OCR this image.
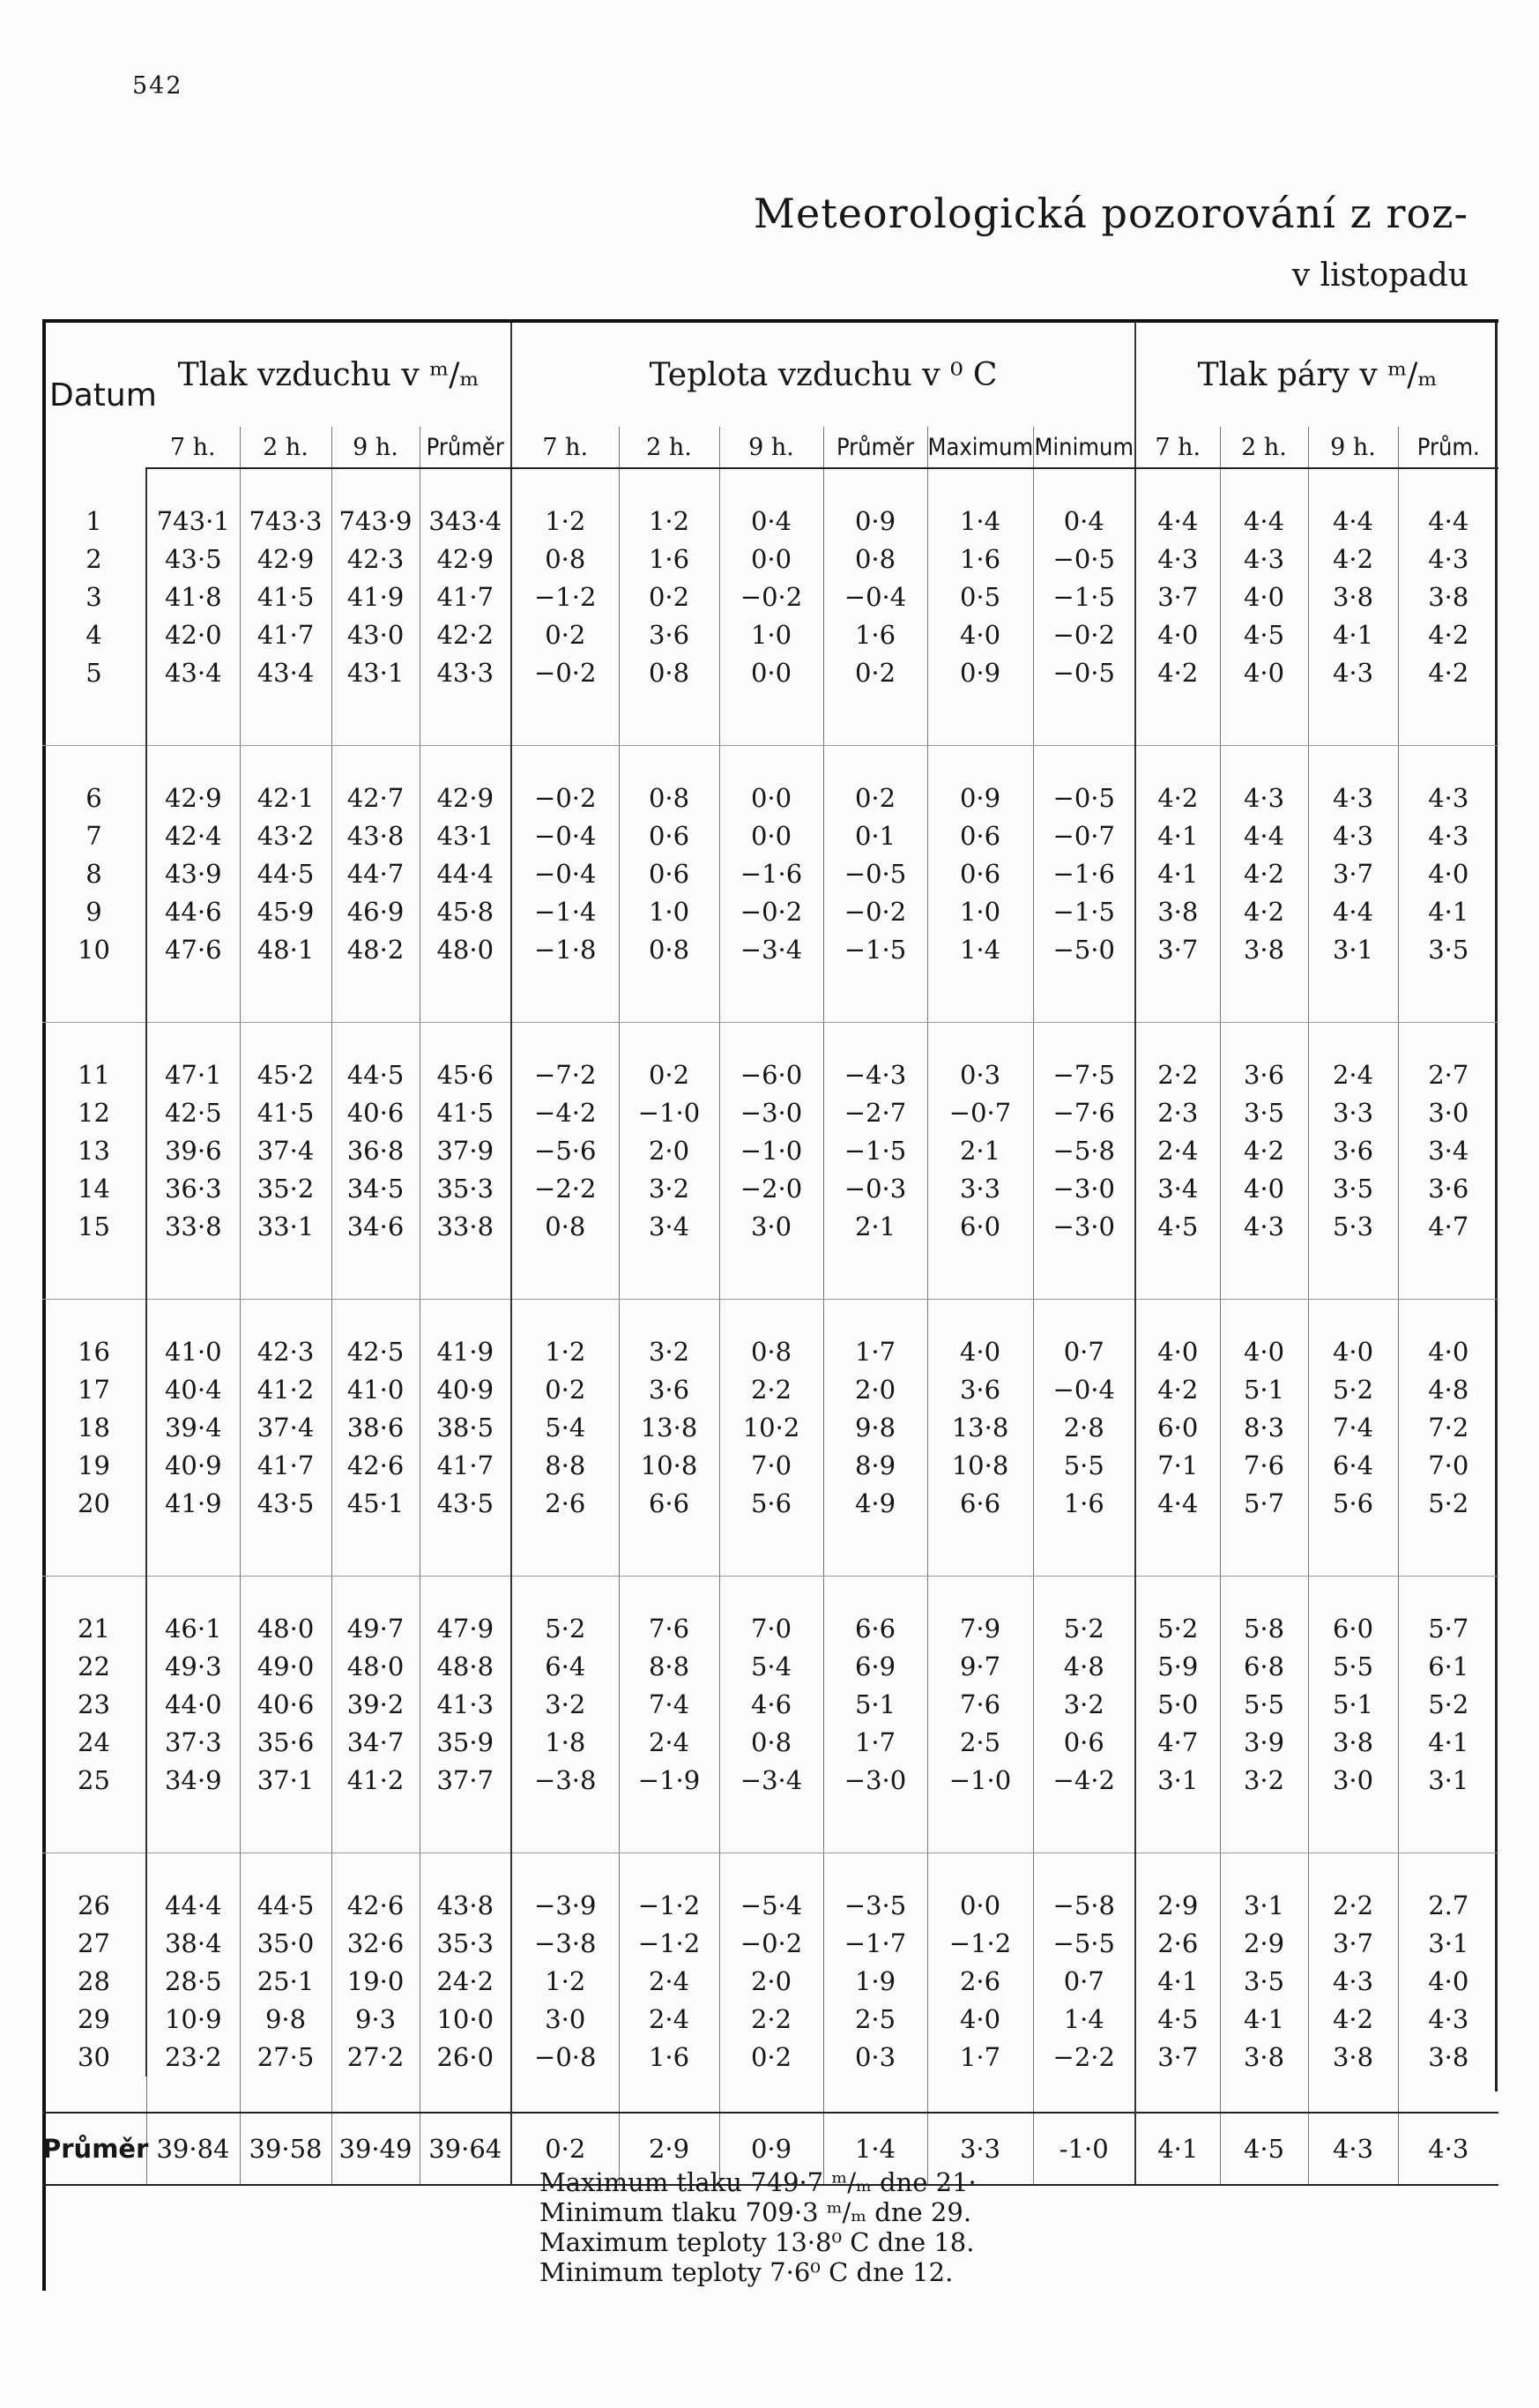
542
Meteorologická pozorování z roz-
v listopadu
Datum	Tlak vzduchu v ᵐ/ₘ				Teplota vzduchu v ⁰ C						Tlak páry v ᵐ/ₘ			
	7 h.	2 h.	9 h.	Průměr	7 h.	2 h.	9 h.	Průměr	Maximum	Minimum	7 h.	2 h.	9 h.	Prům.

1	743·1	743·3	743·9	343·4	1·2	1·2	0·4	0·9	1·4	0·4	4·4	4·4	4·4	4·4
2	43·5	42·9	42·3	42·9	0·8	1·6	0·0	0·8	1·6	−0·5	4·3	4·3	4·2	4·3
3	41·8	41·5	41·9	41·7	−1·2	0·2	−0·2	−0·4	0·5	−1·5	3·7	4·0	3·8	3·8
4	42·0	41·7	43·0	42·2	0·2	3·6	1·0	1·6	4·0	−0·2	4·0	4·5	4·1	4·2
5	43·4	43·4	43·1	43·3	−0·2	0·8	0·0	0·2	0·9	−0·5	4·2	4·0	4·3	4·2

6	42·9	42·1	42·7	42·9	−0·2	0·8	0·0	0·2	0·9	−0·5	4·2	4·3	4·3	4·3
7	42·4	43·2	43·8	43·1	−0·4	0·6	0·0	0·1	0·6	−0·7	4·1	4·4	4·3	4·3
8	43·9	44·5	44·7	44·4	−0·4	0·6	−1·6	−0·5	0·6	−1·6	4·1	4·2	3·7	4·0
9	44·6	45·9	46·9	45·8	−1·4	1·0	−0·2	−0·2	1·0	−1·5	3·8	4·2	4·4	4·1
10	47·6	48·1	48·2	48·0	−1·8	0·8	−3·4	−1·5	1·4	−5·0	3·7	3·8	3·1	3·5

11	47·1	45·2	44·5	45·6	−7·2	0·2	−6·0	−4·3	0·3	−7·5	2·2	3·6	2·4	2·7
12	42·5	41·5	40·6	41·5	−4·2	−1·0	−3·0	−2·7	−0·7	−7·6	2·3	3·5	3·3	3·0
13	39·6	37·4	36·8	37·9	−5·6	2·0	−1·0	−1·5	2·1	−5·8	2·4	4·2	3·6	3·4
14	36·3	35·2	34·5	35·3	−2·2	3·2	−2·0	−0·3	3·3	−3·0	3·4	4·0	3·5	3·6
15	33·8	33·1	34·6	33·8	0·8	3·4	3·0	2·1	6·0	−3·0	4·5	4·3	5·3	4·7

16	41·0	42·3	42·5	41·9	1·2	3·2	0·8	1·7	4·0	0·7	4·0	4·0	4·0	4·0
17	40·4	41·2	41·0	40·9	0·2	3·6	2·2	2·0	3·6	−0·4	4·2	5·1	5·2	4·8
18	39·4	37·4	38·6	38·5	5·4	13·8	10·2	9·8	13·8	2·8	6·0	8·3	7·4	7·2
19	40·9	41·7	42·6	41·7	8·8	10·8	7·0	8·9	10·8	5·5	7·1	7·6	6·4	7·0
20	41·9	43·5	45·1	43·5	2·6	6·6	5·6	4·9	6·6	1·6	4·4	5·7	5·6	5·2

21	46·1	48·0	49·7	47·9	5·2	7·6	7·0	6·6	7·9	5·2	5·2	5·8	6·0	5·7
22	49·3	49·0	48·0	48·8	6·4	8·8	5·4	6·9	9·7	4·8	5·9	6·8	5·5	6·1
23	44·0	40·6	39·2	41·3	3·2	7·4	4·6	5·1	7·6	3·2	5·0	5·5	5·1	5·2
24	37·3	35·6	34·7	35·9	1·8	2·4	0·8	1·7	2·5	0·6	4·7	3·9	3·8	4·1
25	34·9	37·1	41·2	37·7	−3·8	−1·9	−3·4	−3·0	−1·0	−4·2	3·1	3·2	3·0	3·1

26	44·4	44·5	42·6	43·8	−3·9	−1·2	−5·4	−3·5	0·0	−5·8	2·9	3·1	2·2	2.7
27	38·4	35·0	32·6	35·3	−3·8	−1·2	−0·2	−1·7	−1·2	−5·5	2·6	2·9	3·7	3·1
28	28·5	25·1	19·0	24·2	1·2	2·4	2·0	1·9	2·6	0·7	4·1	3·5	4·3	4·0
29	10·9	9·8	9·3	10·0	3·0	2·4	2·2	2·5	4·0	1·4	4·5	4·1	4·2	4·3
30	23·2	27·5	27·2	26·0	−0·8	1·6	0·2	0·3	1·7	−2·2	3·7	3·8	3·8	3·8

Průměr	39·84	39·58	39·49	39·64	0·2	2·9	0·9	1·4	3·3	-1·0	4·1	4·5	4·3	4·3
Maximum tlaku 749·7 ᵐ/ₘ dne 21·
Minimum tlaku 709·3 ᵐ/ₘ dne 29.
Maximum teploty 13·8⁰ C dne 18.
Minimum teploty 7·6⁰ C dne 12.
